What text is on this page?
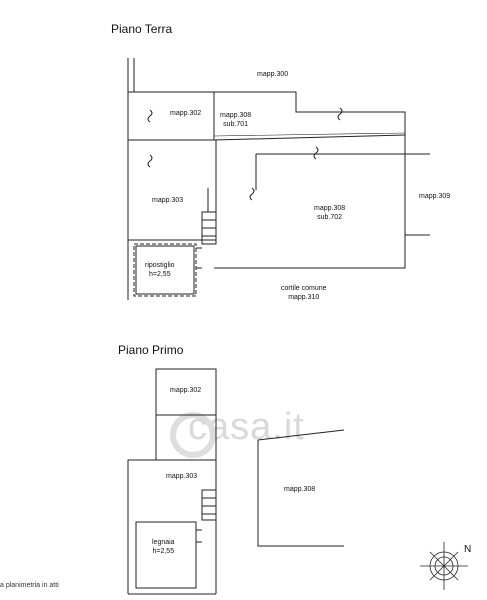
casa.it
Piano Terra
Piano Primo
mapp.300
mapp.302	mapp.308
sub.701
mapp.303
mapp.308
sub.702
mapp.309
ripostiglio
h=2,55
cortile comune
mapp.310
mapp.302
mapp.303
mapp.308
legnaia
h=2,55	N
a planimetria in atti
